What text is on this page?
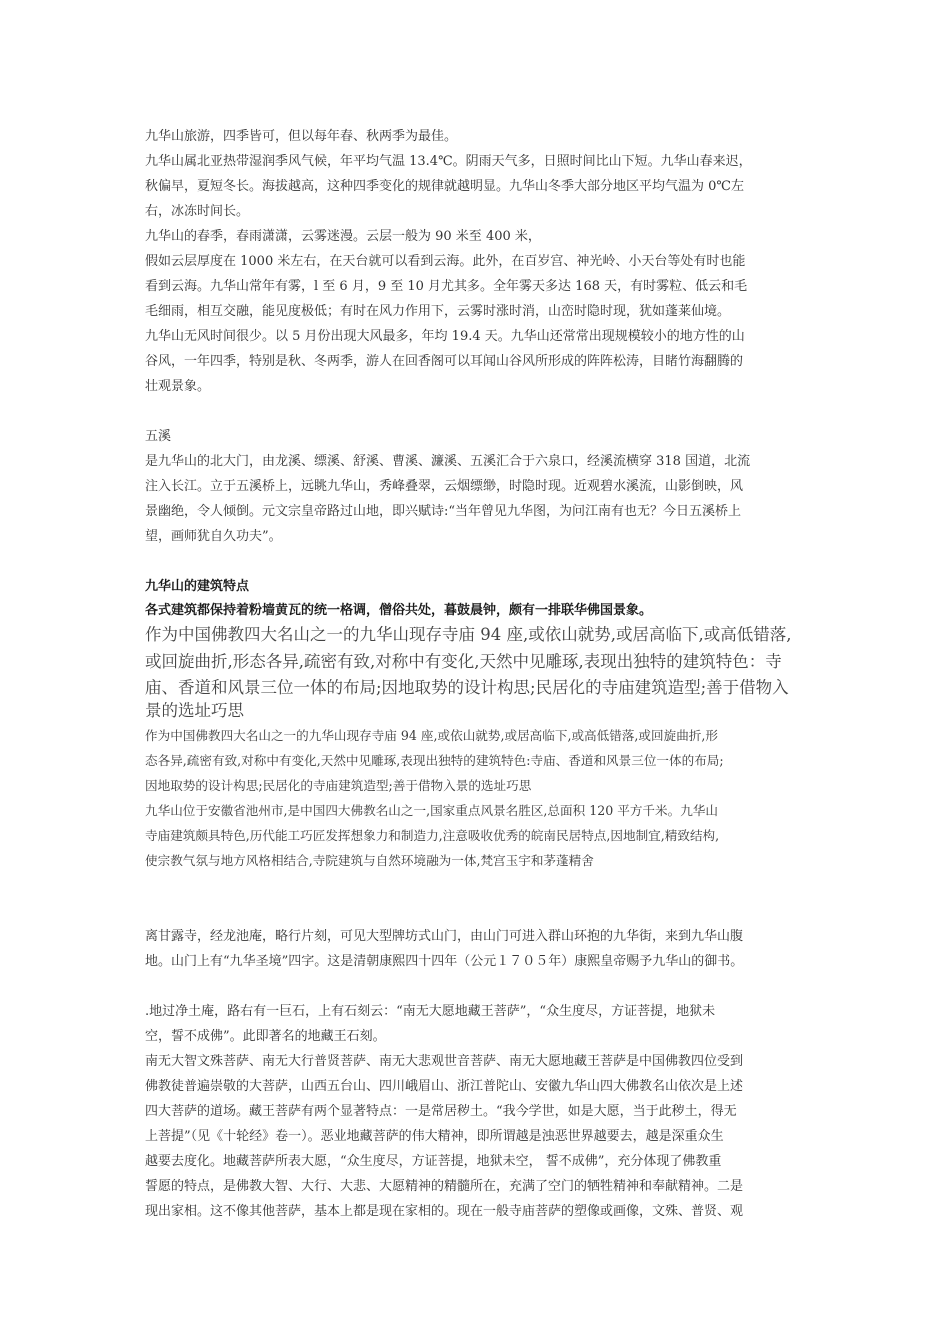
九华山旅游，四季皆可，但以每年春、秋两季为最佳。
九华山属北亚热带湿润季风气候，年平均气温 13.4℃。阴雨天气多，日照时间比山下短。九华山春来迟，
秋偏早，夏短冬长。海拔越高，这种四季变化的规律就越明显。九华山冬季大部分地区平均气温为 0℃左
右，冰冻时间长。
九华山的春季，春雨潇潇，云雾迷漫。云层一般为 90 米至 400 米，
假如云层厚度在 1000 米左右，在天台就可以看到云海。此外，在百岁宫、神光岭、小天台等处有时也能
看到云海。九华山常年有雾，l 至 6 月，9 至 10 月尤其多。全年雾天多达 168 天，有时雾粒、低云和毛
毛细雨，相互交融，能见度极低；有时在风力作用下，云雾时涨时消，山峦时隐时现，犹如蓬莱仙境。
九华山无风时间很少。以 5 月份出现大风最多，年均 19.4 天。九华山还常常出现规模较小的地方性的山
谷风，一年四季，特别是秋、冬两季，游人在回香阁可以耳闻山谷风所形成的阵阵松涛，目睹竹海翻腾的
壮观景象。
五溪
是九华山的北大门，由龙溪、缥溪、舒溪、曹溪、濂溪、五溪汇合于六泉口，经溪流横穿 318 国道，北流
注入长江。立于五溪桥上，远眺九华山，秀峰叠翠，云烟缥缈，时隐时现。近观碧水溪流，山影倒映，风
景幽绝，令人倾倒。元文宗皇帝路过山地，即兴赋诗:“当年曾见九华图，为问江南有也无？今日五溪桥上
望，画师犹自久功夫”。
九华山的建筑特点
各式建筑都保持着粉墙黄瓦的统一格调，僧俗共处，暮鼓晨钟，颇有一排联华佛国景象。
作为中国佛教四大名山之一的九华山现存寺庙 94 座,或依山就势,或居高临下,或高低错落,
或回旋曲折,形态各异,疏密有致,对称中有变化,天然中见雕琢,表现出独特的建筑特色：寺
庙、香道和风景三位一体的布局;因地取势的设计构思;民居化的寺庙建筑造型;善于借物入
景的选址巧思
作为中国佛教四大名山之一的九华山现存寺庙 94 座,或依山就势,或居高临下,或高低错落,或回旋曲折,形
态各异,疏密有致,对称中有变化,天然中见雕琢,表现出独特的建筑特色:寺庙、香道和风景三位一体的布局;
因地取势的设计构思;民居化的寺庙建筑造型;善于借物入景的选址巧思
九华山位于安徽省池州市,是中国四大佛教名山之一,国家重点风景名胜区,总面积 120 平方千米。九华山
寺庙建筑颇具特色,历代能工巧匠发挥想象力和制造力,注意吸收优秀的皖南民居特点,因地制宜,精致结构,
使宗教气氛与地方风格相结合,寺院建筑与自然环境融为一体,梵宫玉宇和茅蓬精舍
离甘露寺，经龙池庵，略行片刻，可见大型牌坊式山门，由山门可进入群山环抱的九华街，来到九华山腹
地。山门上有“九华圣境”四字。这是清朝康熙四十四年（公元１７０５年）康熙皇帝赐予九华山的御书。
.地过净土庵，路右有一巨石，上有石刻云：“南无大愿地藏王菩萨”，“众生度尽，方证菩提，地狱未
空，誓不成佛”。此即著名的地藏王石刻。
南无大智文殊菩萨、南无大行普贤菩萨、南无大悲观世音菩萨、南无大愿地藏王菩萨是中国佛教四位受到
佛教徒普遍崇敬的大菩萨，山西五台山、四川峨眉山、浙江普陀山、安徽九华山四大佛教名山依次是上述
四大菩萨的道场。藏王菩萨有两个显著特点：一是常居秽土。“我今学世，如是大愿，当于此秽土，得无
上菩提”（见《十轮经》卷一）。恶业地藏菩萨的伟大精神，即所谓越是浊恶世界越要去，越是深重众生
越要去度化。地藏菩萨所表大愿，“众生度尽，方证菩提，地狱未空， 誓不成佛”，充分体现了佛教重
誓愿的特点，是佛教大智、大行、大悲、大愿精神的精髓所在，充满了空门的牺牲精神和奉献精神。二是
现出家相。这不像其他菩萨，基本上都是现在家相的。现在一般寺庙菩萨的塑像或画像，文殊、普贤、观
